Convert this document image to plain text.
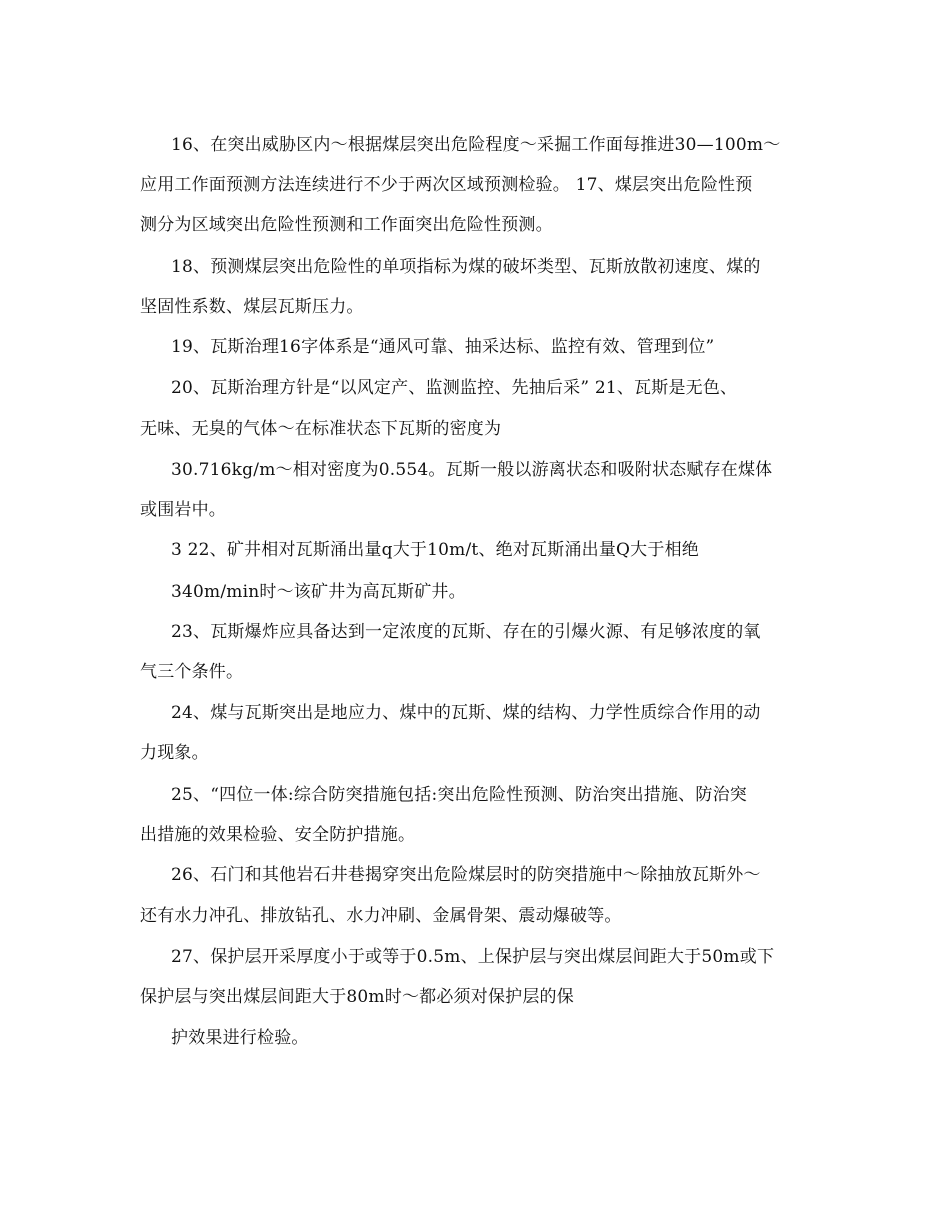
16、在突出威胁区内～根据煤层突出危险程度～采掘工作面每推进30—100m～
应用工作面预测方法连续进行不少于两次区域预测检验。 17、煤层突出危险性预
测分为区域突出危险性预测和工作面突出危险性预测。
18、预测煤层突出危险性的单项指标为煤的破坏类型、瓦斯放散初速度、煤的
坚固性系数、煤层瓦斯压力。
19、瓦斯治理16字体系是“通风可靠、抽采达标、监控有效、管理到位”
20、瓦斯治理方针是“以风定产、监测监控、先抽后采” 21、瓦斯是无色、
无味、无臭的气体～在标准状态下瓦斯的密度为
30.716kg/m～相对密度为0.554。瓦斯一般以游离状态和吸附状态赋存在煤体
或围岩中。
3 22、矿井相对瓦斯涌出量q大于10m/t、绝对瓦斯涌出量Q大于相绝
340m/min时～该矿井为高瓦斯矿井。
23、瓦斯爆炸应具备达到一定浓度的瓦斯、存在的引爆火源、有足够浓度的氧
气三个条件。
24、煤与瓦斯突出是地应力、煤中的瓦斯、煤的结构、力学性质综合作用的动
力现象。
25、“四位一体:综合防突措施包括:突出危险性预测、防治突出措施、防治突
出措施的效果检验、安全防护措施。
26、石门和其他岩石井巷揭穿突出危险煤层时的防突措施中～除抽放瓦斯外～
还有水力冲孔、排放钻孔、水力冲刷、金属骨架、震动爆破等。
27、保护层开采厚度小于或等于0.5m、上保护层与突出煤层间距大于50m或下
保护层与突出煤层间距大于80m时～都必须对保护层的保
护效果进行检验。
